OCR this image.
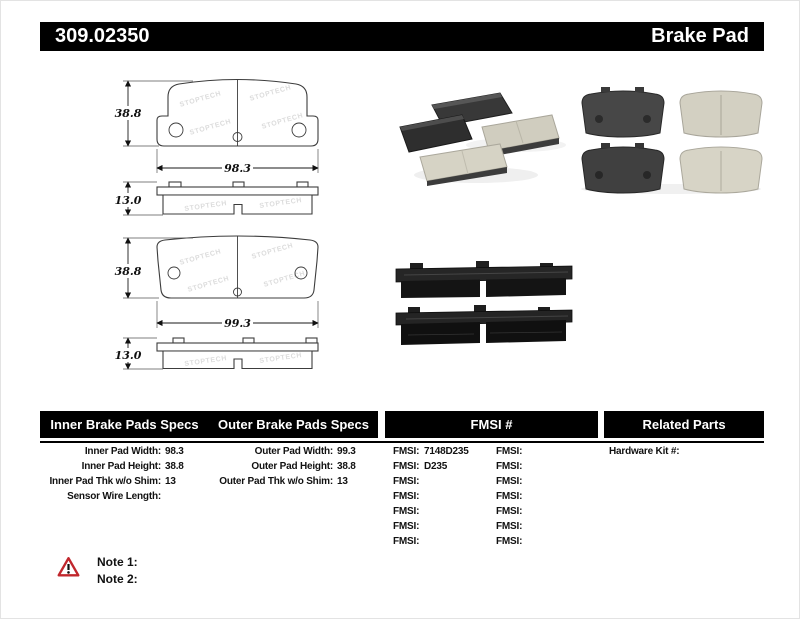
309.02350	Brake Pad
STOPTECH	STOPTECH
STOPTECH	STOPTECH
38.8
98.3
STOPTECH	STOPTECH
13.0
STOPTECH	STOPTECH
STOPTECH	STOPTECH
38.8
99.3
STOPTECH	STOPTECH
13.0
Inner Brake Pads Specs	Outer Brake Pads Specs	FMSI #	Related Parts
Inner Pad Width: 98.3
Inner Pad Height: 38.8
Inner Pad Thk w/o Shim: 13
Sensor Wire Length:
Outer Pad Width: 99.3
Outer Pad Height: 38.8
Outer Pad Thk w/o Shim: 13
FMSI: 7148D235	FMSI:
FMSI: D235	FMSI:
FMSI:	FMSI:
FMSI:	FMSI:
FMSI:	FMSI:
FMSI:	FMSI:
FMSI:	FMSI:
Hardware Kit #:
Note 1:
Note 2:
